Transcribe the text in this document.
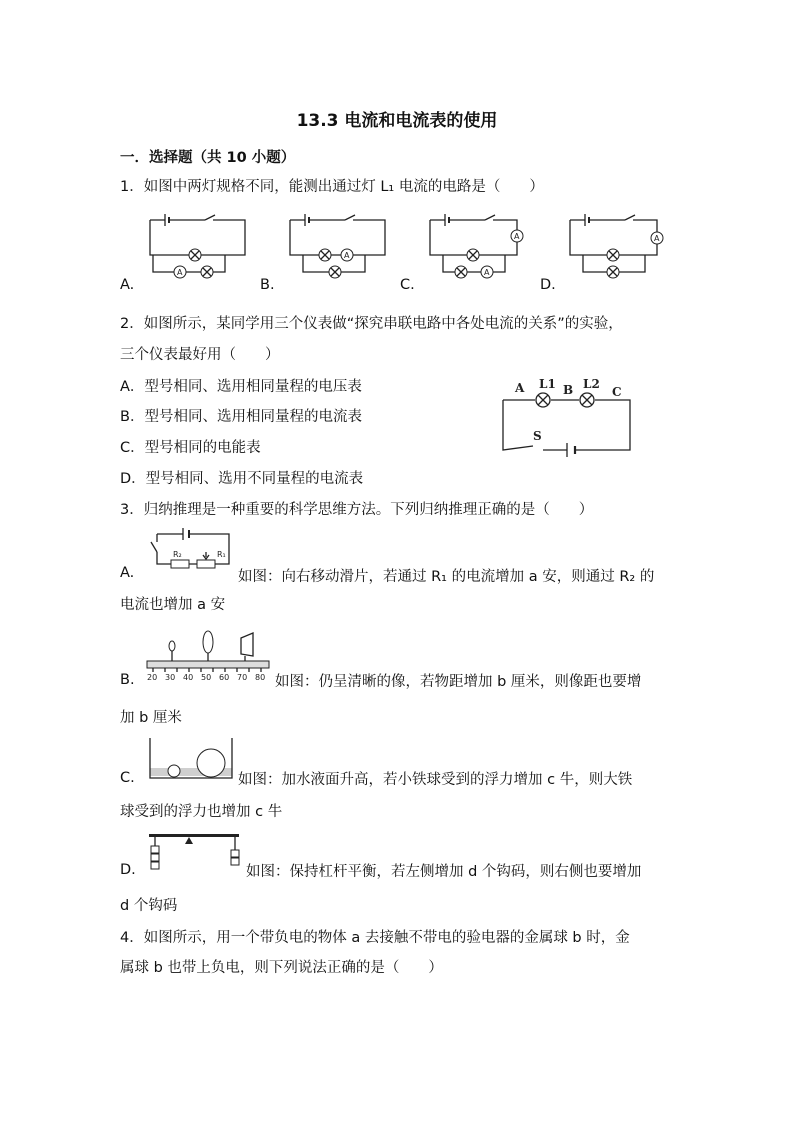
13.3 电流和电流表的使用
一．选择题（共 10 小题）
1．如图中两灯规格不同，能测出通过灯 L₁ 电流的电路是（　　）
A.	B.	C.	D.
A
A
A
A
A
2．如图所示，某同学用三个仪表做“探究串联电路中各处电流的关系”的实验，
三个仪表最好用（　　）
A．型号相同、选用相同量程的电压表
B．型号相同、选用相同量程的电流表
C．型号相同的电能表
D．型号相同、选用不同量程的电流表
A L1 B L2
C
S
3．归纳推理是一种重要的科学思维方法。下列归纳推理正确的是（　　）
A.
R₂	R₁
如图：向右移动滑片，若通过 R₁ 的电流增加 a 安，则通过 R₂ 的
电流也增加 a 安
B. 20 30 40 50 60 70 80 如图：仍呈清晰的像，若物距增加 b 厘米，则像距也要增
加 b 厘米
C.	如图：加水液面升高，若小铁球受到的浮力增加 c 牛，则大铁
球受到的浮力也增加 c 牛
D.	如图：保持杠杆平衡，若左侧增加 d 个钩码，则右侧也要增加
d 个钩码
4．如图所示，用一个带负电的物体 a 去接触不带电的验电器的金属球 b 时，金
属球 b 也带上负电，则下列说法正确的是（　　）
